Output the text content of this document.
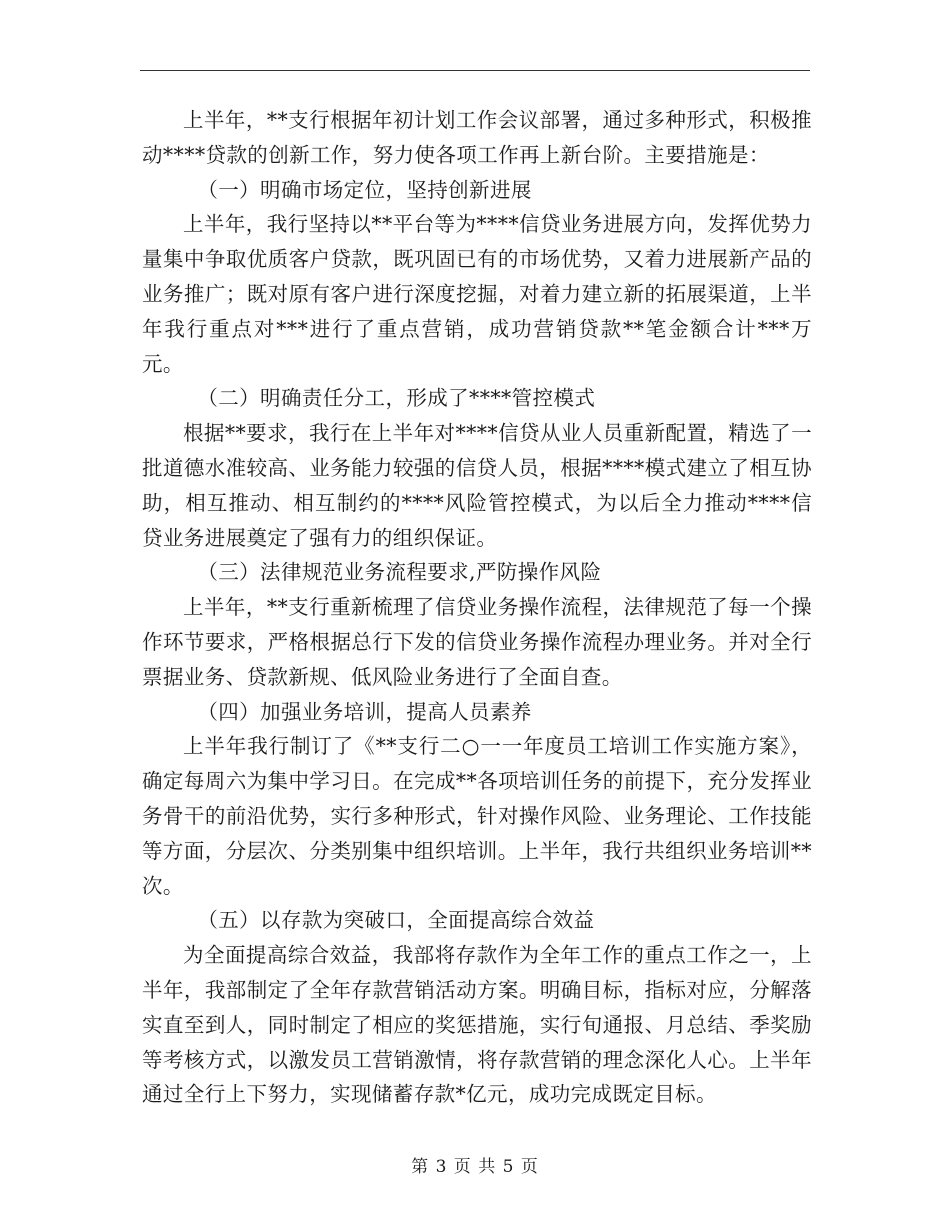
上半年，**支行根据年初计划工作会议部署，通过多种形式，积极推动****贷款的创新工作，努力使各项工作再上新台阶。主要措施是：

（一）明确市场定位，坚持创新进展

上半年，我行坚持以**平台等为****信贷业务进展方向，发挥优势力量集中争取优质客户贷款，既巩固已有的市场优势，又着力进展新产品的业务推广；既对原有客户进行深度挖掘，对着力建立新的拓展渠道，上半年我行重点对***进行了重点营销，成功营销贷款**笔金额合计***万元。

（二）明确责任分工，形成了****管控模式

根据**要求，我行在上半年对****信贷从业人员重新配置，精选了一批道德水准较高、业务能力较强的信贷人员，根据****模式建立了相互协助，相互推动、相互制约的****风险管控模式，为以后全力推动****信贷业务进展奠定了强有力的组织保证。

（三）法律规范业务流程要求,严防操作风险

上半年，**支行重新梳理了信贷业务操作流程，法律规范了每一个操作环节要求，严格根据总行下发的信贷业务操作流程办理业务。并对全行票据业务、贷款新规、低风险业务进行了全面自查。

（四）加强业务培训，提高人员素养

上半年我行制订了《**支行二○一一年度员工培训工作实施方案》，确定每周六为集中学习日。在完成**各项培训任务的前提下，充分发挥业务骨干的前沿优势，实行多种形式，针对操作风险、业务理论、工作技能等方面，分层次、分类别集中组织培训。上半年，我行共组织业务培训**次。

（五）以存款为突破口，全面提高综合效益

为全面提高综合效益，我部将存款作为全年工作的重点工作之一，上半年，我部制定了全年存款营销活动方案。明确目标，指标对应，分解落实直至到人，同时制定了相应的奖惩措施，实行旬通报、月总结、季奖励等考核方式，以激发员工营销激情，将存款营销的理念深化人心。上半年通过全行上下努力，实现储蓄存款*亿元，成功完成既定目标。

第 3 页 共 5 页
